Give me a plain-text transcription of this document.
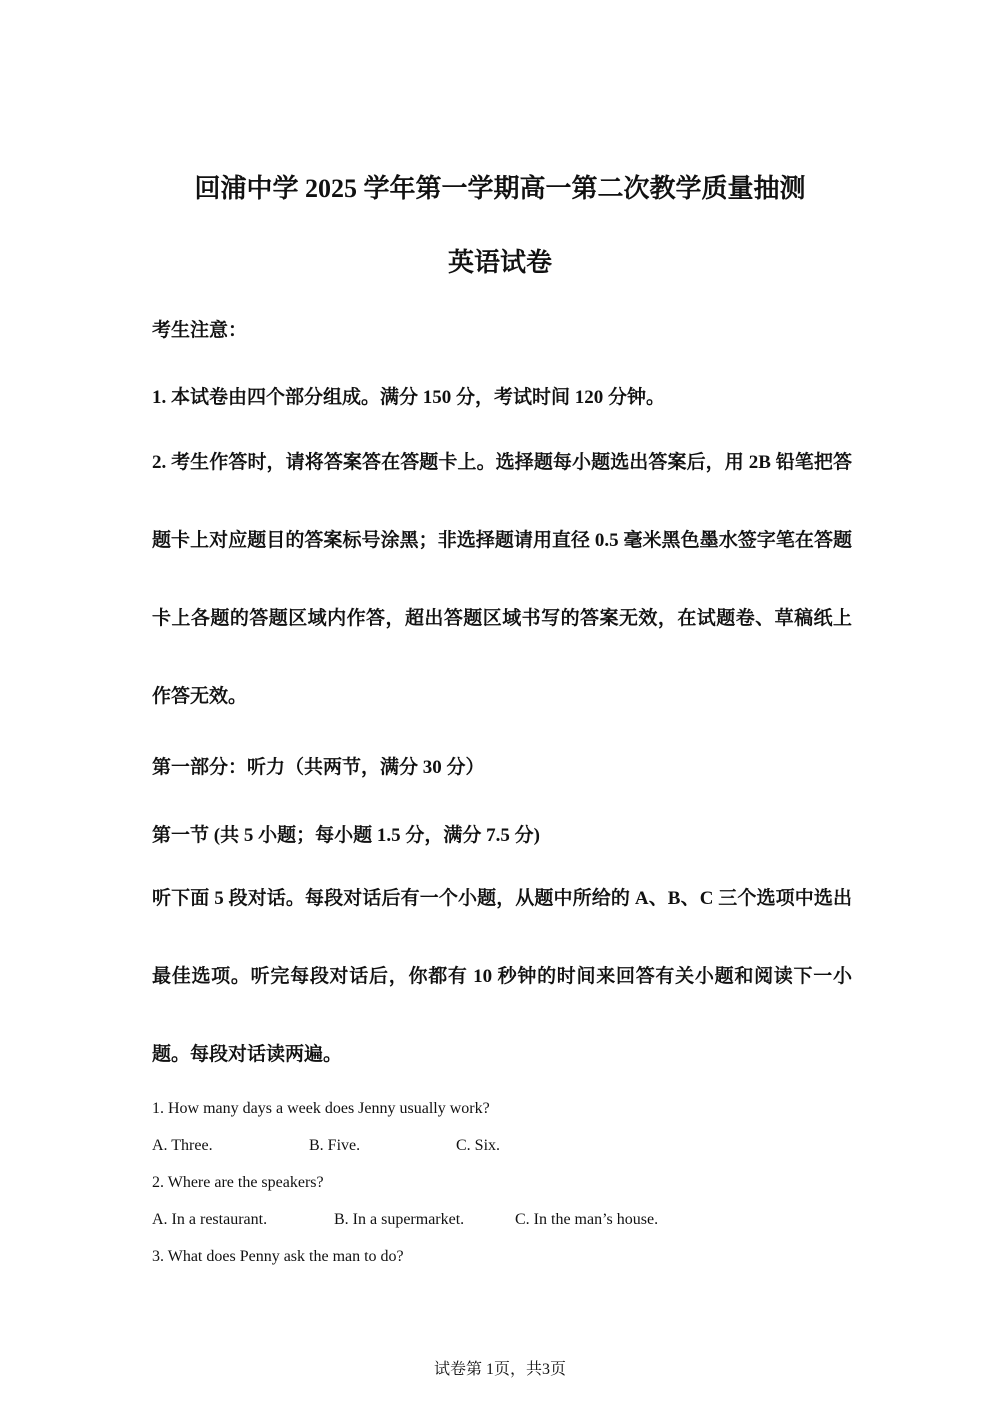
回浦中学 2025 学年第一学期高一第二次教学质量抽测
英语试卷

考生注意：

1. 本试卷由四个部分组成。满分 150 分，考试时间 120 分钟。

2. 考生作答时，请将答案答在答题卡上。选择题每小题选出答案后，用 2B 铅笔把答题卡上对应题目的答案标号涂黑；非选择题请用直径 0.5 毫米黑色墨水签字笔在答题卡上各题的答题区域内作答，超出答题区域书写的答案无效，在试题卷、草稿纸上作答无效。

第一部分：听力（共两节，满分 30 分）

第一节 (共 5 小题；每小题 1.5 分，满分 7.5 分)

听下面 5 段对话。每段对话后有一个小题，从题中所给的 A、B、C 三个选项中选出最佳选项。听完每段对话后，你都有 10 秒钟的时间来回答有关小题和阅读下一小题。每段对话读两遍。

1. How many days a week does Jenny usually work?

A. Three.	B. Five.	C. Six.

2. Where are the speakers?

A. In a restaurant.	B. In a supermarket.	C. In the man’s house.

3. What does Penny ask the man to do?

试卷第 1页，共3页
